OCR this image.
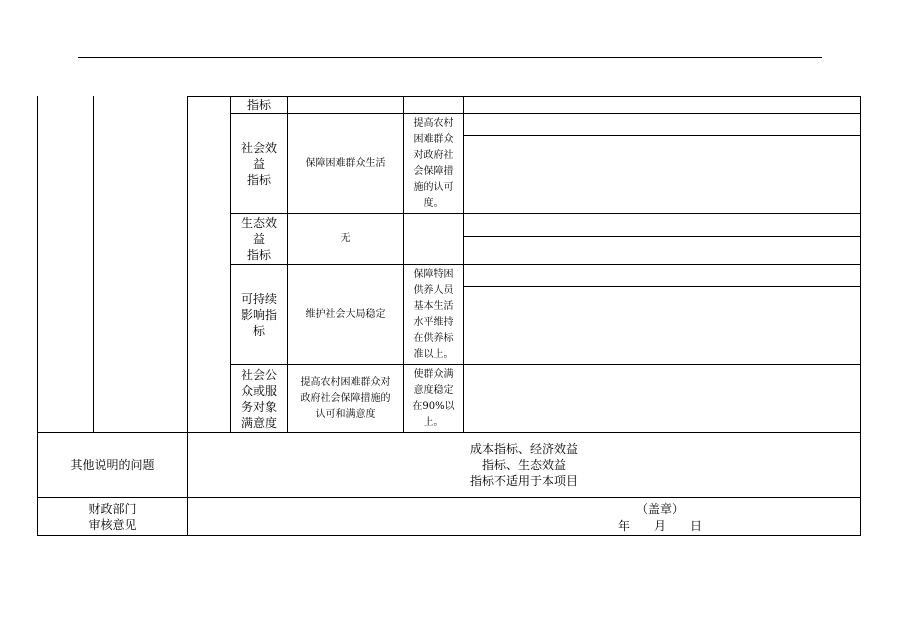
指标
社会效
益
指标
保障困难群众生活
提高农村
困难群众
对政府社
会保障措
施的认可
度。
生态效
益
指标
无
可持续
影响指
标
维护社会大局稳定
保障特困
供养人员
基本生活
水平维持
在供养标
准以上。
社会公
众或服
务对象
满意度
提高农村困难群众对
政府社会保障措施的
认可和满意度
使群众满
意度稳定
在90%以
上。
其他说明的问题
成本指标、经济效益
指标、生态效益
指标不适用于本项目
财政部门
审核意见
（盖章）
年　　月　　日
